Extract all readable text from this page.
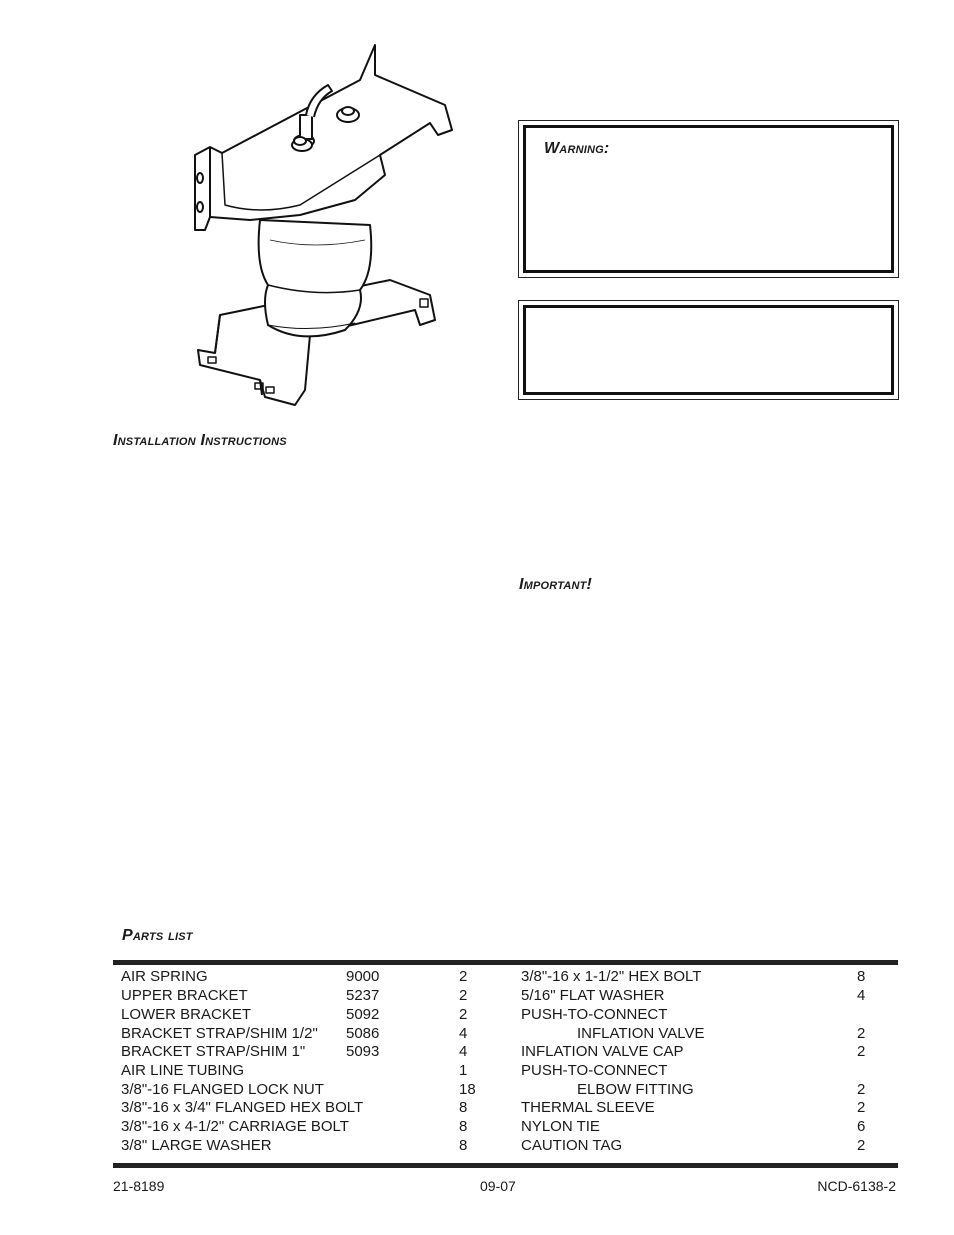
Warning:
Installation Instructions
Important!
Parts list
AIR SPRING	9000	2
UPPER BRACKET	5237	2
LOWER BRACKET	5092	2
BRACKET STRAP/SHIM 1/2" 5086	4
BRACKET STRAP/SHIM 1"	5093	4
AIR LINE TUBING	1
3/8"-16 FLANGED LOCK NUT	18
3/8"-16 x 3/4" FLANGED HEX BOLT	8
3/8"-16 x 4-1/2" CARRIAGE BOLT	8
3/8" LARGE WASHER	8
3/8"-16 x 1-1/2" HEX BOLT	8
5/16" FLAT WASHER	4
PUSH-TO-CONNECT
INFLATION VALVE	2
INFLATION VALVE CAP	2
PUSH-TO-CONNECT
ELBOW FITTING	2
THERMAL SLEEVE	2
NYLON TIE	6
CAUTION TAG	2
21-8189	09-07	NCD-6138-2
